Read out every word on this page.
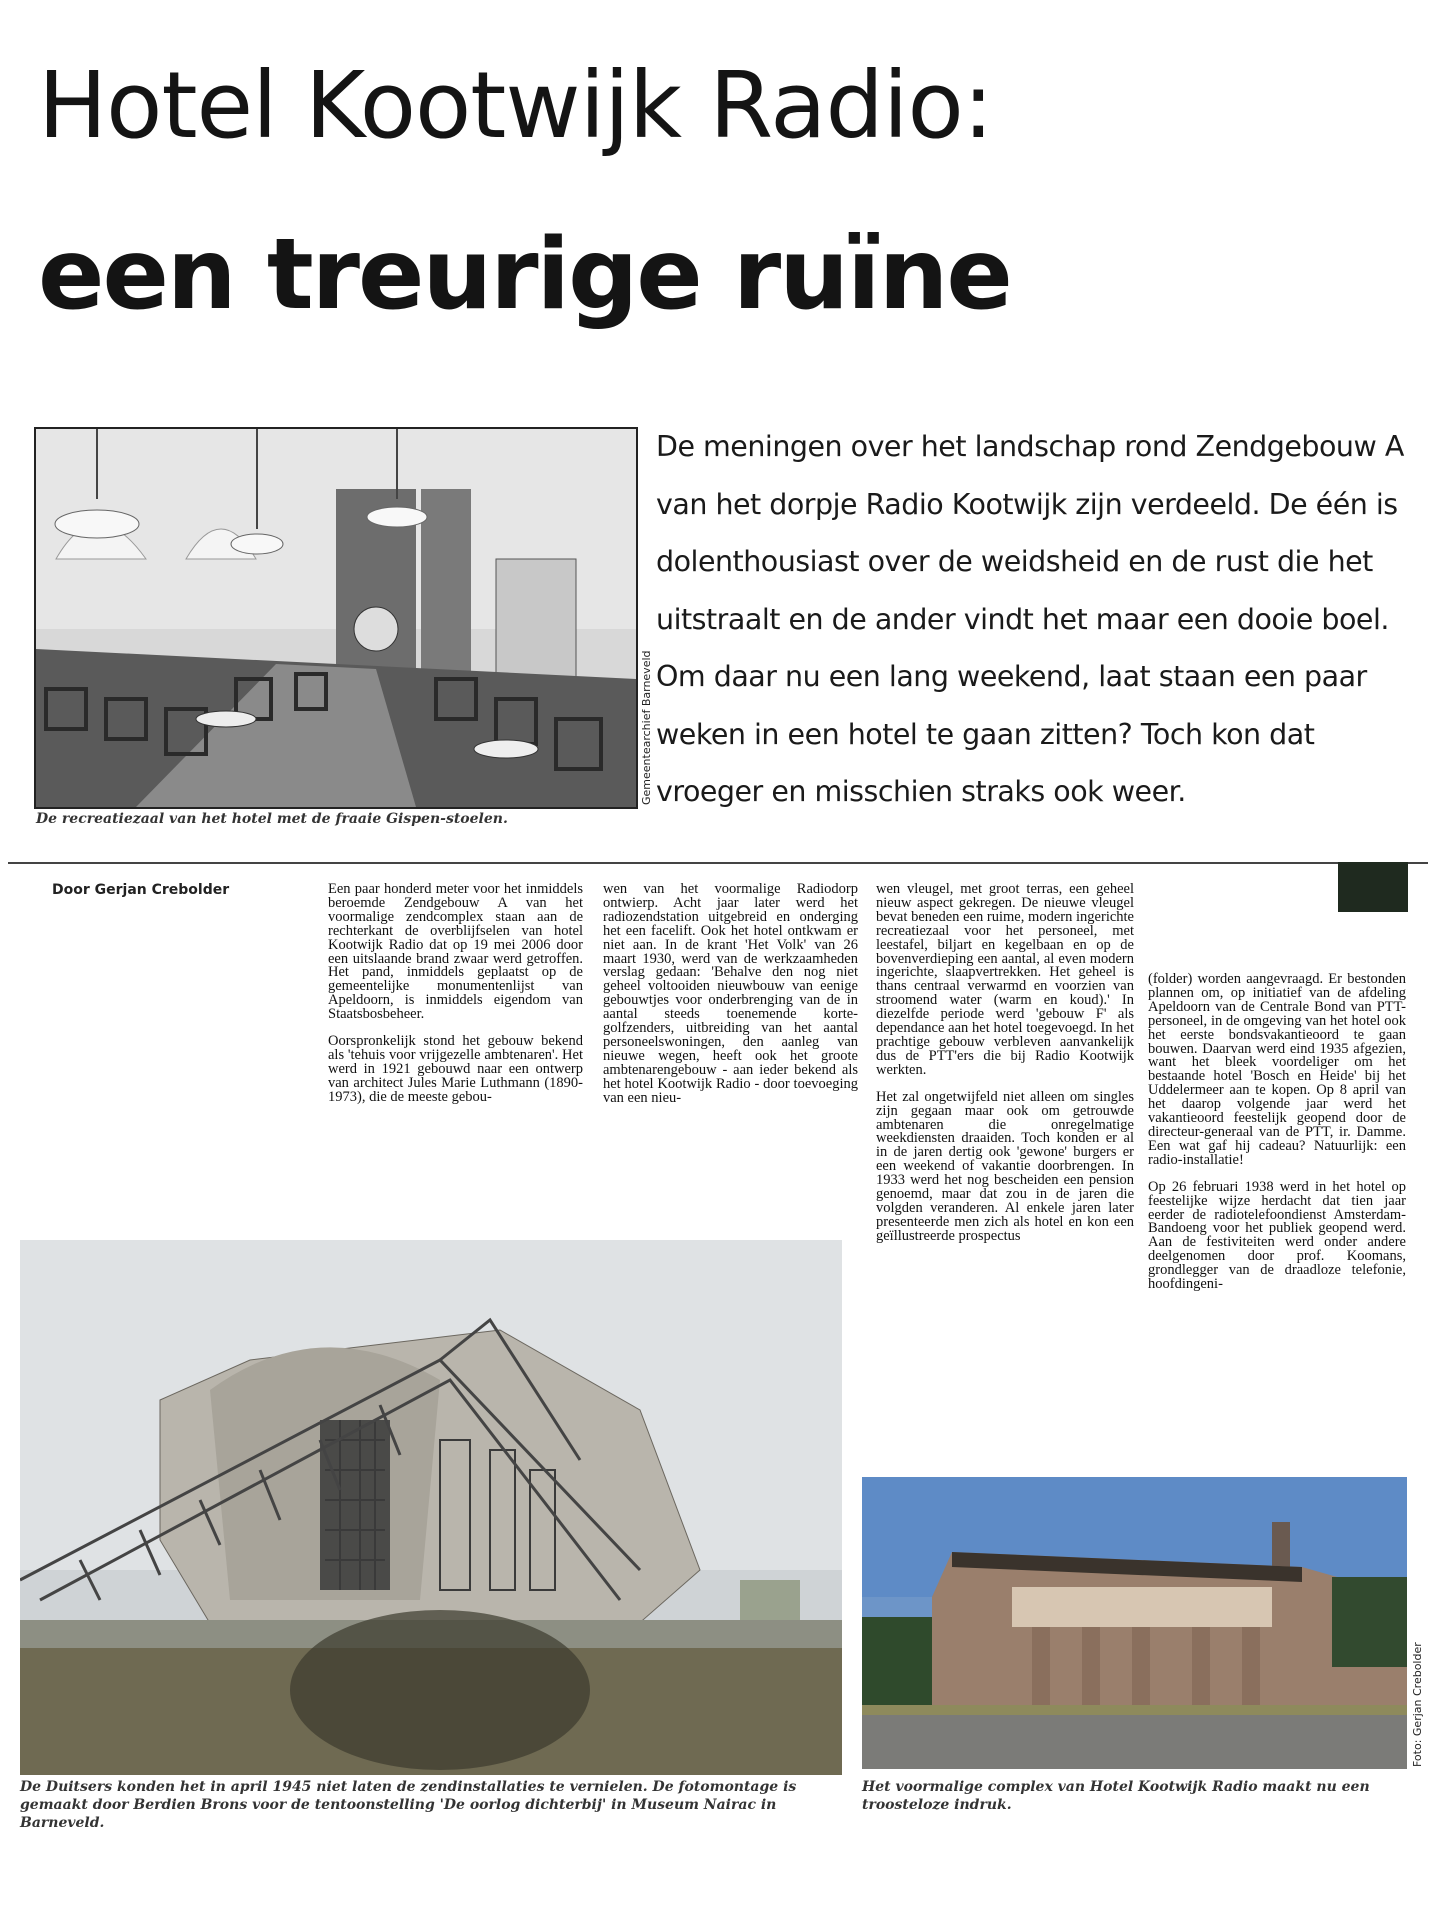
Hotel Kootwijk Radio:
een treurige ruïne
Gemeentearchief Barneveld

De recreatiezaal van het hotel met de fraaie Gispen-stoelen.

De meningen over het landschap rond Zendgebouw A van het dorpje Radio Kootwijk zijn verdeeld. De één is dolenthousiast over de weidsheid en de rust die het uitstraalt en de ander vindt het maar een dooie boel. Om daar nu een lang weekend, laat staan een paar weken in een hotel te gaan zitten? Toch kon dat vroeger en misschien straks ook weer.

Door Gerjan Crebolder	Een paar honderd meter voor het inmiddels beroemde Zendgebouw A van het voormalige zendcomplex staan aan de rechterkant de overblijfselen van hotel Kootwijk Radio dat op 19 mei 2006 door een uitslaande brand zwaar werd getroffen. Het pand, inmiddels geplaatst op de gemeentelijke monumentenlijst van Apeldoorn, is inmiddels eigendom van Staatsbosbeheer.

Oorspronkelijk stond het gebouw bekend als 'tehuis voor vrijgezelle ambtenaren'. Het werd in 1921 gebouwd naar een ontwerp van architect Jules Marie Luthmann (1890-1973), die de meeste gebou-

wen van het voormalige Radiodorp ontwierp. Acht jaar later werd het radiozendstation uitgebreid en onderging het een facelift. Ook het hotel ontkwam er niet aan. In de krant 'Het Volk' van 26 maart 1930, werd van de werkzaamheden verslag gedaan: 'Behalve den nog niet geheel voltooiden nieuwbouw van eenige gebouwtjes voor onderbrenging van de in aantal steeds toenemende korte-golfzenders, uitbreiding van het aantal personeelswoningen, den aanleg van nieuwe wegen, heeft ook het groote ambtenarengebouw - aan ieder bekend als het hotel Kootwijk Radio - door toevoeging van een nieu-

wen vleugel, met groot terras, een geheel nieuw aspect gekregen. De nieuwe vleugel bevat beneden een ruime, modern ingerichte recreatiezaal voor het personeel, met leestafel, biljart en kegelbaan en op de bovenverdieping een aantal, al even modern ingerichte, slaapvertrekken. Het geheel is thans centraal verwarmd en voorzien van stroomend water (warm en koud).' In diezelfde periode werd 'gebouw F' als dependance aan het hotel toegevoegd. In het prachtige gebouw verbleven aanvankelijk dus de PTT'ers die bij Radio Kootwijk werkten.

Het zal ongetwijfeld niet alleen om singles zijn gegaan maar ook om getrouwde ambtenaren die onregelmatige weekdiensten draaiden. Toch konden er al in de jaren dertig ook 'gewone' burgers er een weekend of vakantie doorbrengen. In 1933 werd het nog bescheiden een pension genoemd, maar dat zou in de jaren die volgden veranderen. Al enkele jaren later presenteerde men zich als hotel en kon een geïllustreerde prospectus

(folder) worden aangevraagd. Er bestonden plannen om, op initiatief van de afdeling Apeldoorn van de Centrale Bond van PTT-personeel, in de omgeving van het hotel ook het eerste bondsvakantieoord te gaan bouwen. Daarvan werd eind 1935 afgezien, want het bleek voordeliger om het bestaande hotel 'Bosch en Heide' bij het Uddelermeer aan te kopen. Op 8 april van het daarop volgende jaar werd het vakantieoord feestelijk geopend door de directeur-generaal van de PTT, ir. Damme. Een wat gaf hij cadeau? Natuurlijk: een radio-installatie!

Op 26 februari 1938 werd in het hotel op feestelijke wijze herdacht dat tien jaar eerder de radiotelefoondienst Amsterdam-Bandoeng voor het publiek geopend werd. Aan de festiviteiten werd onder andere deelgenomen door prof. Koomans, grondlegger van de draadloze telefonie, hoofdingeni-

De Duitsers konden het in april 1945 niet laten de zendinstallaties te vernielen. De fotomontage is gemaakt door Berdien Brons voor de tentoonstelling 'De oorlog dichterbij' in Museum Nairac in Barneveld.

Foto: Gerjan Crebolder

Het voormalige complex van Hotel Kootwijk Radio maakt nu een troosteloze indruk.
